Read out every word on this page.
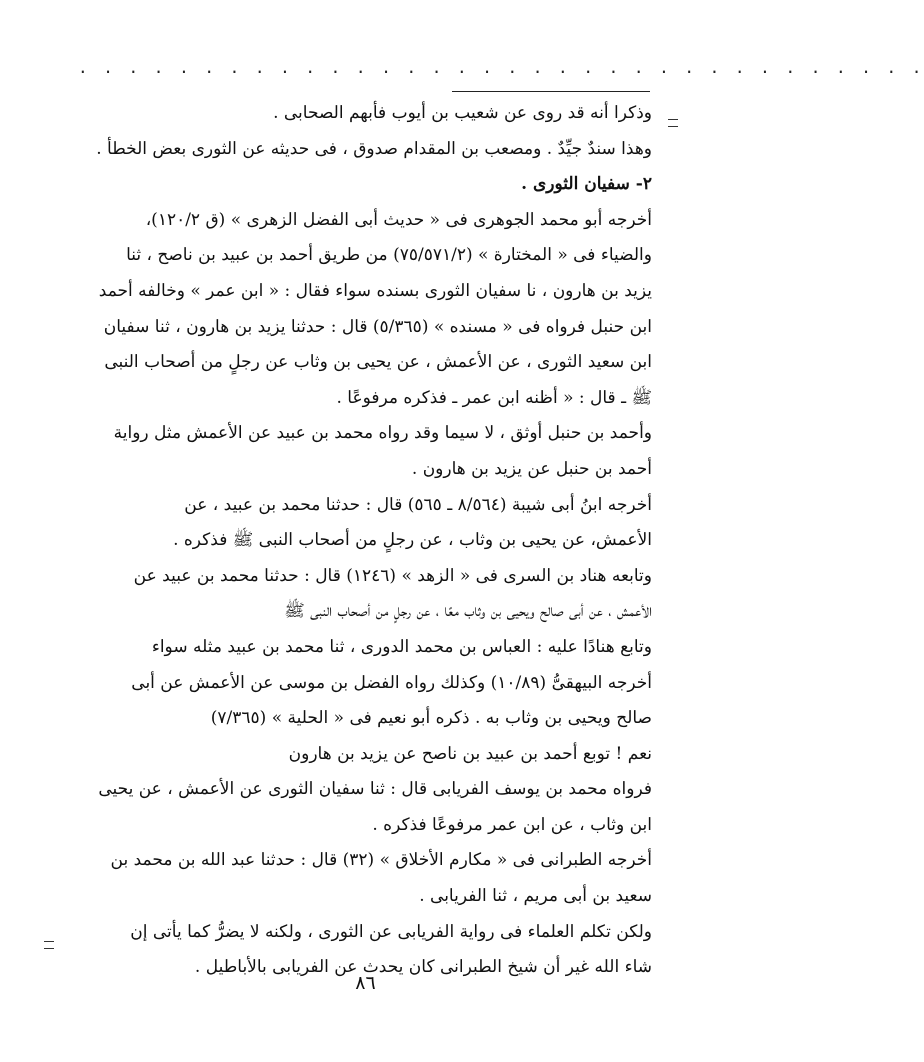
. . . . . . . . . . . . . . . . . . . . . . . . . . . . . . . . . .

وذكرا أنه قد روى عن شعيب بن أيوب فأبهم الصحابى .

وهذا سندٌ جيِّدٌ . ومصعب بن المقدام صدوق ، فى حديثه عن الثورى بعض الخطأ .

٢- سفيان الثورى .

أخرجه أبو محمد الجوهرى فى « حديث أبى الفضل الزهرى » (ق ١٢٠/٢)،

والضياء فى « المختارة » (٧٥/٥٧١/٢) من طريق أحمد بن عبيد بن ناصح ، ثنا

يزيد بن هارون ، نا سفيان الثورى بسنده سواء فقال : « ابن عمر » وخالفه أحمد

ابن حنبل فرواه فى « مسنده » (٥/٣٦٥) قال : حدثنا يزيد بن هارون ، ثنا سفيان

ابن سعيد الثورى ، عن الأعمش ، عن يحيى بن وثاب عن رجلٍ من أصحاب النبى

ﷺ ـ قال : « أظنه ابن عمر ـ فذكره مرفوعًا .

وأحمد بن حنبل أوثق ، لا سيما وقد رواه محمد بن عبيد عن الأعمش مثل رواية

أحمد بن حنبل عن يزيد بن هارون .

أخرجه ابنُ أبى شيبة (٨/٥٦٤ ـ ٥٦٥) قال : حدثنا محمد بن عبيد ، عن

الأعمش، عن يحيى بن وثاب ، عن رجلٍ من أصحاب النبى ﷺ فذكره .

وتابعه هناد بن السرى فى « الزهد » (١٢٤٦) قال : حدثنا محمد بن عبيد عن

الأعمش ، عن أبى صالح ويحيى بن وثاب معًا ، عن رجلٍ من أصحاب النبى ﷺ

وتابع هنادًا عليه : العباس بن محمد الدورى ، ثنا محمد بن عبيد مثله سواء

أخرجه البيهقىُّ (١٠/٨٩) وكذلك رواه الفضل بن موسى عن الأعمش عن أبى

صالح ويحيى بن وثاب به . ذكره أبو نعيم فى « الحلية » (٧/٣٦٥)

نعم ! توبع أحمد بن عبيد بن ناصح عن يزيد بن هارون

فرواه محمد بن يوسف الفريابى قال : ثنا سفيان الثورى عن الأعمش ، عن يحيى

ابن وثاب ، عن ابن عمر مرفوعًا فذكره .

أخرجه الطبرانى فى « مكارم الأخلاق » (٣٢) قال : حدثنا عبد الله بن محمد بن

سعيد بن أبى مريم ، ثنا الفريابى .

ولكن تكلم العلماء فى رواية الفريابى عن الثورى ، ولكنه لا يضرُّ كما يأتى إن

شاء الله غير أن شيخ الطبرانى كان يحدث عن الفريابى بالأباطيل .

٨٦
